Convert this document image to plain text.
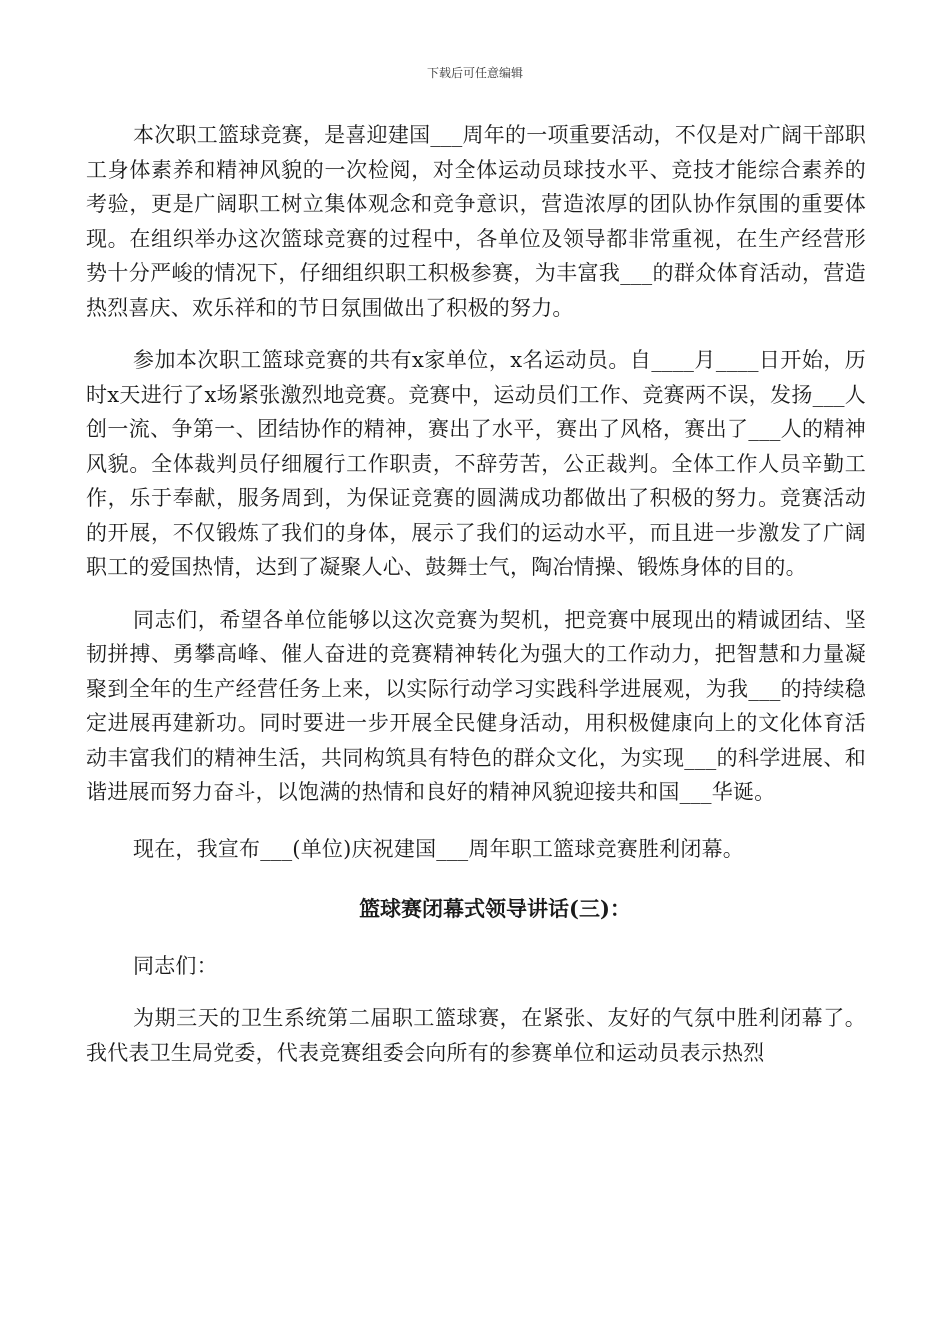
下载后可任意编辑

本次职工篮球竞赛，是喜迎建国___周年的一项重要活动，不仅是对广阔干部职工身体素养和精神风貌的一次检阅，对全体运动员球技水平、竞技才能综合素养的考验，更是广阔职工树立集体观念和竞争意识，营造浓厚的团队协作氛围的重要体现。在组织举办这次篮球竞赛的过程中，各单位及领导都非常重视，在生产经营形势十分严峻的情况下，仔细组织职工积极参赛，为丰富我___的群众体育活动，营造热烈喜庆、欢乐祥和的节日氛围做出了积极的努力。

参加本次职工篮球竞赛的共有x家单位，x名运动员。自____月____日开始，历时x天进行了x场紧张激烈地竞赛。竞赛中，运动员们工作、竞赛两不误，发扬___人创一流、争第一、团结协作的精神，赛出了水平，赛出了风格，赛出了___人的精神风貌。全体裁判员仔细履行工作职责，不辞劳苦，公正裁判。全体工作人员辛勤工作，乐于奉献，服务周到，为保证竞赛的圆满成功都做出了积极的努力。竞赛活动的开展，不仅锻炼了我们的身体，展示了我们的运动水平，而且进一步激发了广阔职工的爱国热情，达到了凝聚人心、鼓舞士气，陶冶情操、锻炼身体的目的。

同志们，希望各单位能够以这次竞赛为契机，把竞赛中展现出的精诚团结、坚韧拼搏、勇攀高峰、催人奋进的竞赛精神转化为强大的工作动力，把智慧和力量凝聚到全年的生产经营任务上来，以实际行动学习实践科学进展观，为我___的持续稳定进展再建新功。同时要进一步开展全民健身活动，用积极健康向上的文化体育活动丰富我们的精神生活，共同构筑具有特色的群众文化，为实现___的科学进展、和谐进展而努力奋斗，以饱满的热情和良好的精神风貌迎接共和国___华诞。

现在，我宣布___(单位)庆祝建国___周年职工篮球竞赛胜利闭幕。

篮球赛闭幕式领导讲话(三)：

同志们：

为期三天的卫生系统第二届职工篮球赛，在紧张、友好的气氛中胜利闭幕了。我代表卫生局党委，代表竞赛组委会向所有的参赛单位和运动员表示热烈
